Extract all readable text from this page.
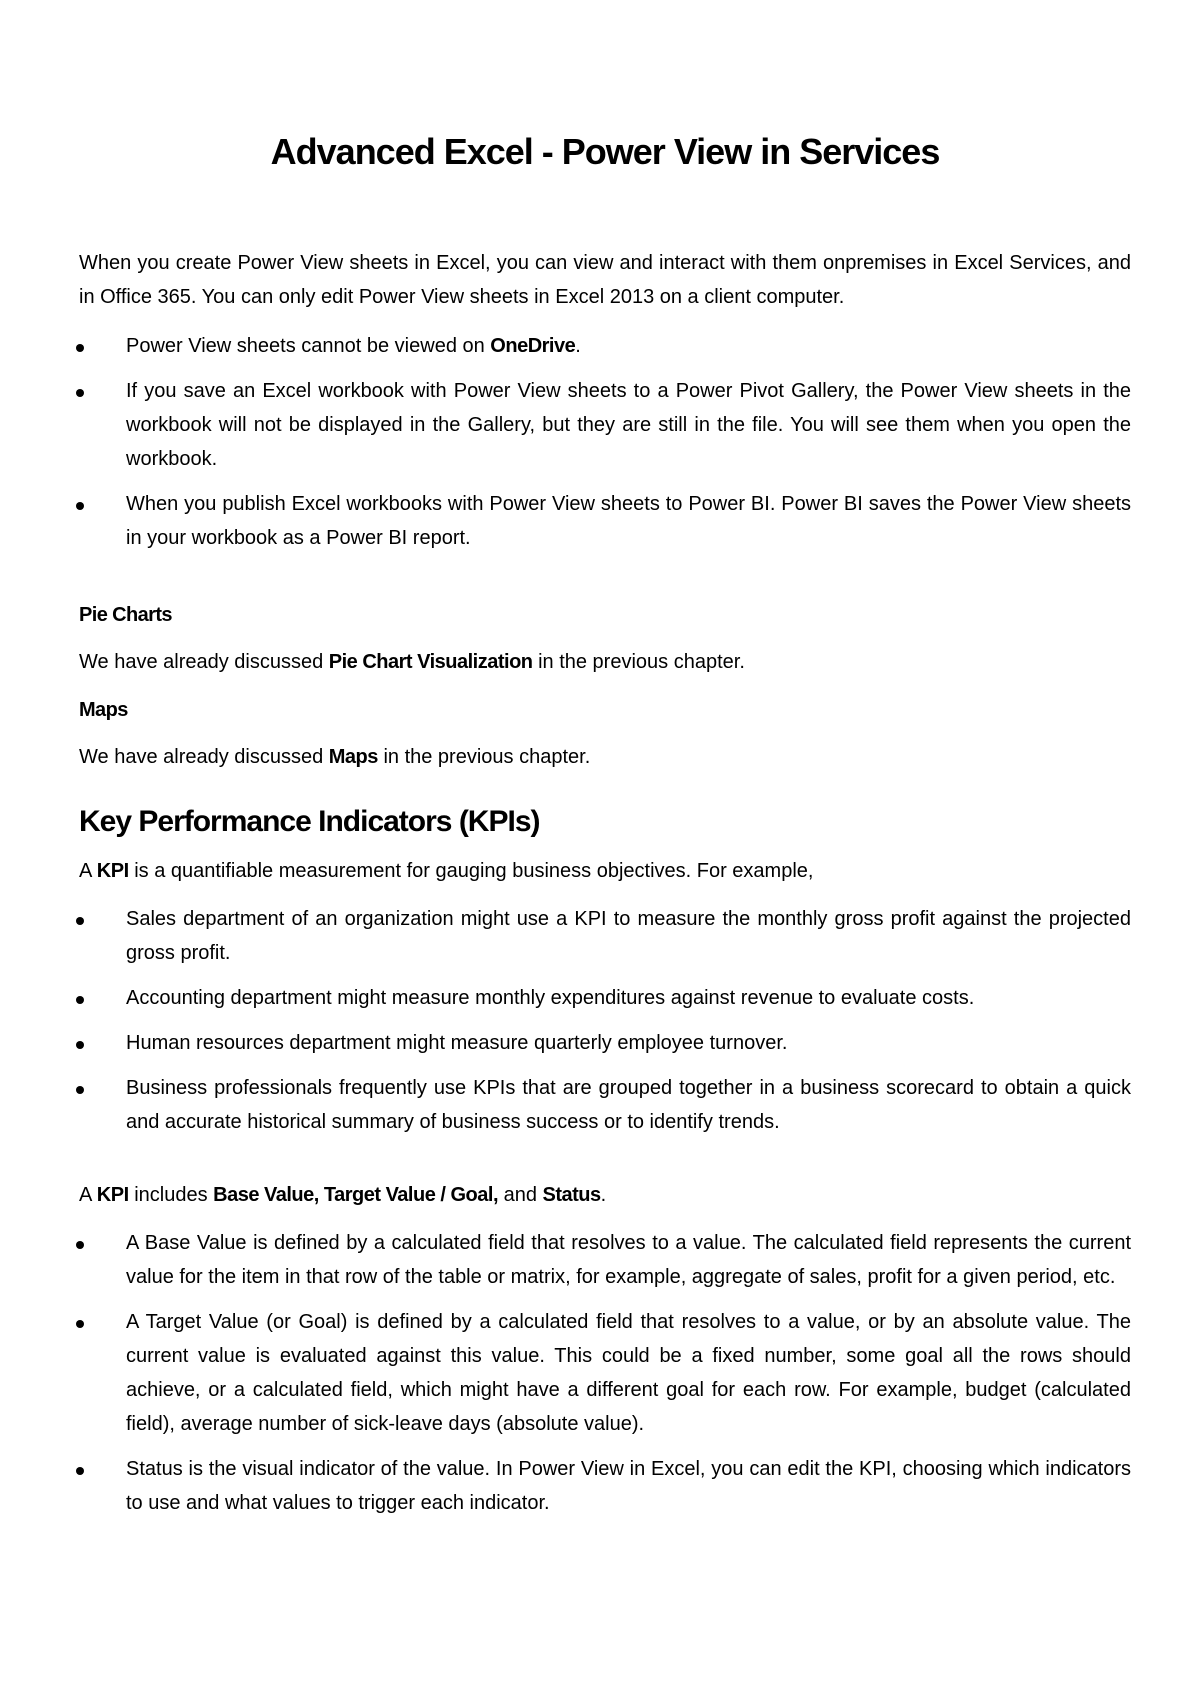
Advanced Excel - Power View in Services

When you create Power View sheets in Excel, you can view and interact with them onpremises in Excel Services, and in Office 365. You can only edit Power View sheets in Excel 2013 on a client computer.

Power View sheets cannot be viewed on OneDrive.
If you save an Excel workbook with Power View sheets to a Power Pivot Gallery, the Power View sheets in the workbook will not be displayed in the Gallery, but they are still in the file. You will see them when you open the workbook.
When you publish Excel workbooks with Power View sheets to Power BI. Power BI saves the Power View sheets in your workbook as a Power BI report.
Pie Charts

We have already discussed Pie Chart Visualization in the previous chapter.

Maps

We have already discussed Maps in the previous chapter.

Key Performance Indicators (KPIs)

A KPI is a quantifiable measurement for gauging business objectives. For example,

Sales department of an organization might use a KPI to measure the monthly gross profit against the projected gross profit.
Accounting department might measure monthly expenditures against revenue to evaluate costs.
Human resources department might measure quarterly employee turnover.
Business professionals frequently use KPIs that are grouped together in a business scorecard to obtain a quick and accurate historical summary of business success or to identify trends.

A KPI includes Base Value, Target Value / Goal, and Status.

A Base Value is defined by a calculated field that resolves to a value. The calculated field represents the current value for the item in that row of the table or matrix, for example, aggregate of sales, profit for a given period, etc.
A Target Value (or Goal) is defined by a calculated field that resolves to a value, or by an absolute value. The current value is evaluated against this value. This could be a fixed number, some goal all the rows should achieve, or a calculated field, which might have a different goal for each row. For example, budget (calculated field), average number of sick-leave days (absolute value).
Status is the visual indicator of the value. In Power View in Excel, you can edit the KPI, choosing which indicators to use and what values to trigger each indicator.
